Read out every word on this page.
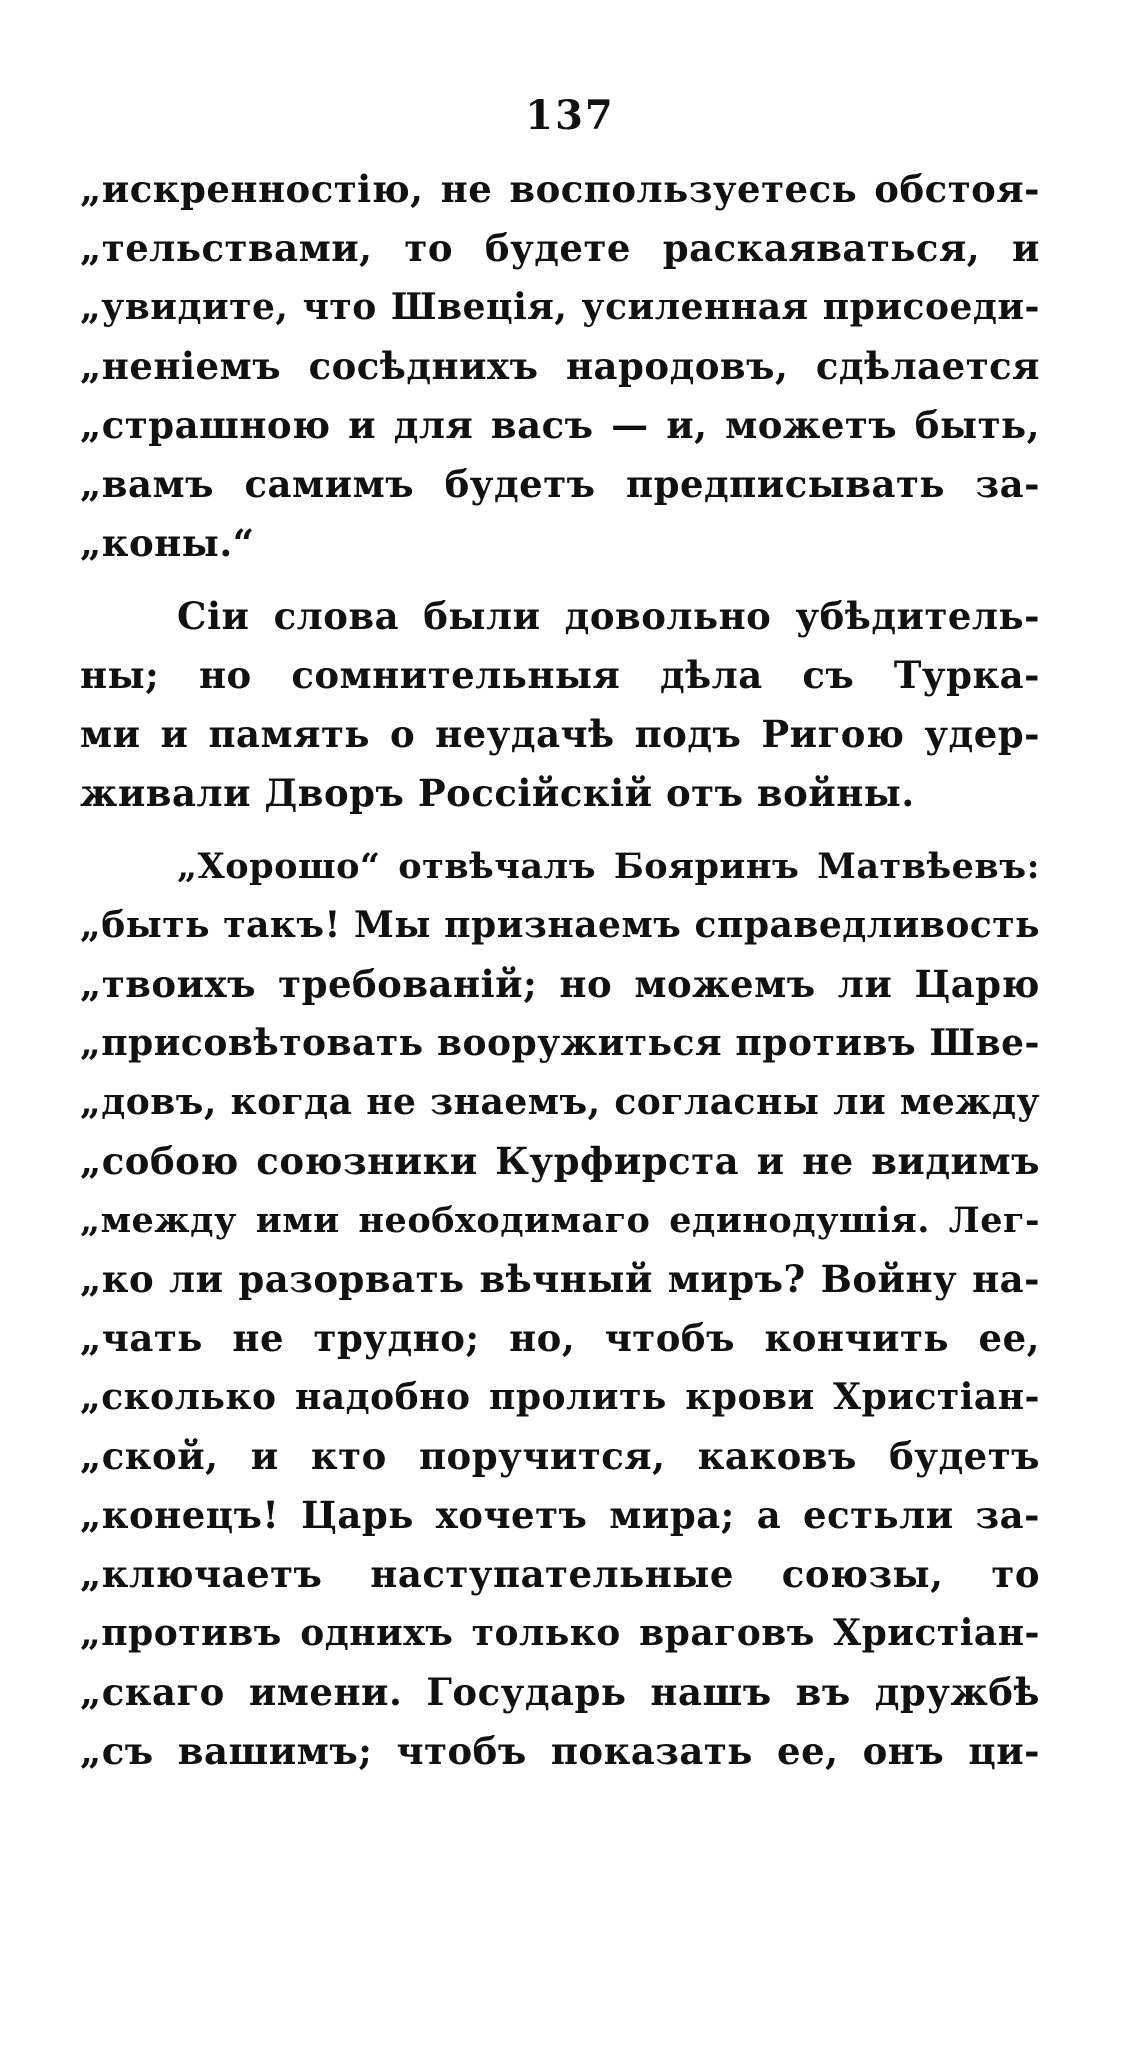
137
„искренностію, не воспользуетесь обстоя-
„тельствами, то будете раскаяваться, и
„увидите, что Швеція, усиленная присоеди-
„неніемъ сосѣднихъ народовъ, сдѣлается
„страшною и для васъ — и, можетъ быть,
„вамъ самимъ будетъ предписывать за-
„коны.“
Сіи слова были довольно убѣдитель-
ны; но сомнительныя дѣла съ Турка-
ми и память о неудачѣ подъ Ригою удер-
живали Дворъ Россійскій отъ войны.
„Хорошо“ отвѣчалъ Бояринъ Матвѣевъ:
„быть такъ! Мы признаемъ справедливость
„твоихъ требованій; но можемъ ли Царю
„присовѣтовать вооружиться противъ Шве-
„довъ, когда не знаемъ, согласны ли между
„собою союзники Курфирста и не видимъ
„между ими необходимаго единодушія. Лег-
„ко ли разорвать вѣчный миръ? Войну на-
„чать не трудно; но, чтобъ кончить ее,
„сколько надобно пролить крови Христіан-
„ской, и кто поручится, каковъ будетъ
„конецъ! Царь хочетъ мира; а естьли за-
„ключаетъ наступательные союзы, то
„противъ однихъ только враговъ Христіан-
„скаго имени. Государь нашъ въ дружбѣ
„съ вашимъ; чтобъ показать ее, онъ ци-
